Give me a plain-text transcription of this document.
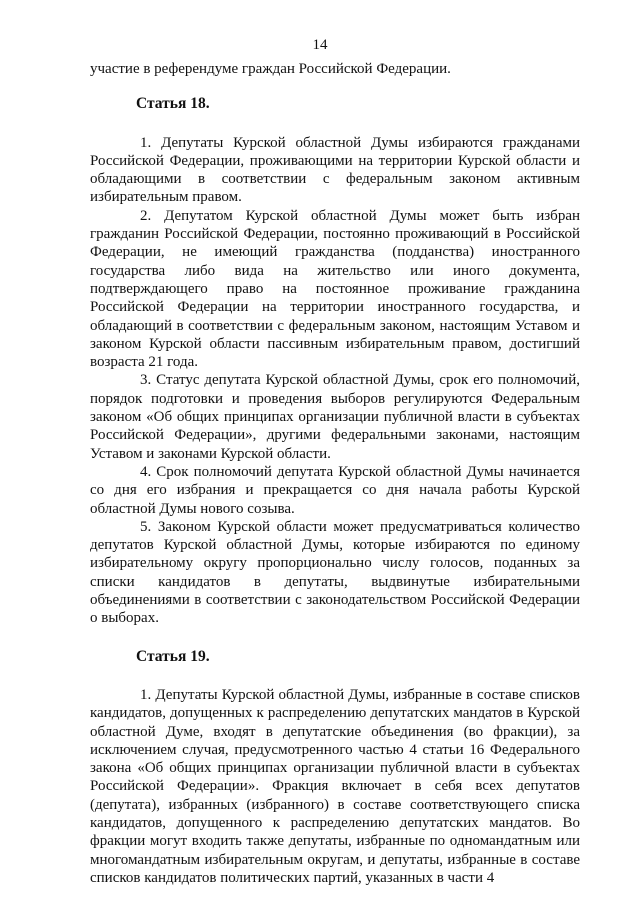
14

участие в референдуме граждан Российской Федерации.

Статья 18.

1. Депутаты Курской областной Думы избираются гражданами Российской Федерации, проживающими на территории Курской области и обладающими в соответствии с федеральным законом активным избирательным правом.

2. Депутатом Курской областной Думы может быть избран гражданин Российской Федерации, постоянно проживающий в Российской Федерации, не имеющий гражданства (подданства) иностранного государства либо вида на жительство или иного документа, подтверждающего право на постоянное проживание гражданина Российской Федерации на территории иностранного государства, и обладающий в соответствии с федеральным законом, настоящим Уставом и законом Курской области пассивным избирательным правом, достигший возраста 21 года.

3. Статус депутата Курской областной Думы, срок его полномочий, порядок подготовки и проведения выборов регулируются Федеральным законом «Об общих принципах организации публичной власти в субъектах Российской Федерации», другими федеральными законами, настоящим Уставом и законами Курской области.

4. Срок полномочий депутата Курской областной Думы начинается со дня его избрания и прекращается со дня начала работы Курской областной Думы нового созыва.

5. Законом Курской области может предусматриваться количество депутатов Курской областной Думы, которые избираются по единому избирательному округу пропорционально числу голосов, поданных за списки кандидатов в депутаты, выдвинутые избирательными объединениями в соответствии с законодательством Российской Федерации о выборах.

Статья 19.

1. Депутаты Курской областной Думы, избранные в составе списков кандидатов, допущенных к распределению депутатских мандатов в Курской областной Думе, входят в депутатские объединения (во фракции), за исключением случая, предусмотренного частью 4 статьи 16 Федерального закона «Об общих принципах организации публичной власти в субъектах Российской Федерации». Фракция включает в себя всех депутатов (депутата), избранных (избранного) в составе соответствующего списка кандидатов, допущенного к распределению депутатских мандатов. Во фракции могут входить также депутаты, избранные по одномандатным или многомандатным избирательным округам, и депутаты, избранные в составе списков кандидатов политических партий, указанных в части 4
